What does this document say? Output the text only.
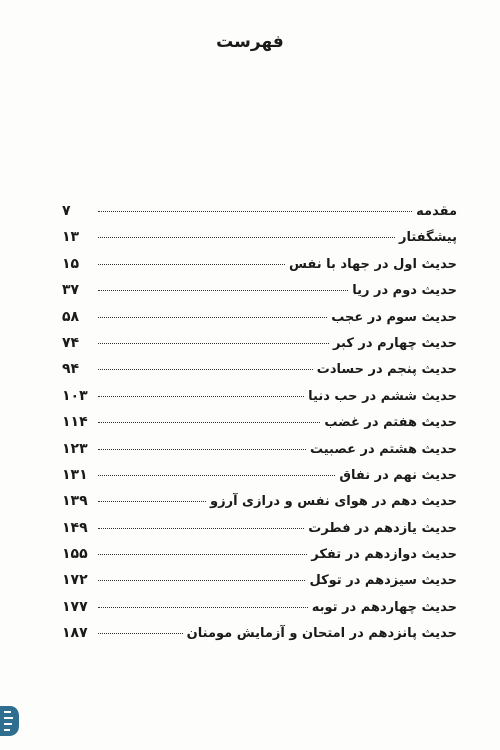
فهرست
مقدمه
۷
پیشگفتار
۱۳
حدیث اول در جهاد با نفس
۱۵
حدیث دوم در ریا
۳۷
حدیث سوم در عجب
۵۸
حدیث چهارم در کبر
۷۴
حدیث پنجم در حسادت
۹۴
حدیث ششم در حب دنیا
۱۰۳
حدیث هفتم در غضب
۱۱۴
حدیث هشتم در عصبیت
۱۲۳
حدیث نهم در نفاق
۱۳۱
حدیث دهم در هوای نفس و درازی آرزو
۱۳۹
حدیث یازدهم در فطرت
۱۴۹
حدیث دوازدهم در تفکر
۱۵۵
حدیث سیزدهم در توکل
۱۷۲
حدیث چهاردهم در توبه
۱۷۷
حدیث پانزدهم در امتحان و آزمایش مومنان
۱۸۷
